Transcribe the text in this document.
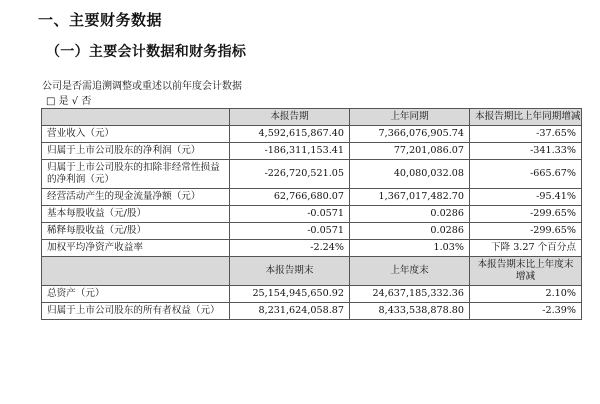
一、主要财务数据
（一）主要会计数据和财务指标
公司是否需追溯调整或重述以前年度会计数据
□ 是 √ 否
	本报告期	上年同期	本报告期比上年同期增减
营业收入（元）	4,592,615,867.40	7,366,076,905.74	-37.65%
归属于上市公司股东的净利润（元）	-186,311,153.41	77,201,086.07	-341.33%
归属于上市公司股东的扣除非经常性损益的净利润（元）	-226,720,521.05	40,080,032.08	-665.67%
经营活动产生的现金流量净额（元）	62,766,680.07	1,367,017,482.70	-95.41%
基本每股收益（元/股）	-0.0571	0.0286	-299.65%
稀释每股收益（元/股）	-0.0571	0.0286	-299.65%
加权平均净资产收益率	-2.24%	1.03%	下降 3.27 个百分点
	本报告期末	上年度末	本报告期末比上年度末增减
总资产（元）	25,154,945,650.92	24,637,185,332.36	2.10%
归属于上市公司股东的所有者权益（元）	8,231,624,058.87	8,433,538,878.80	-2.39%
